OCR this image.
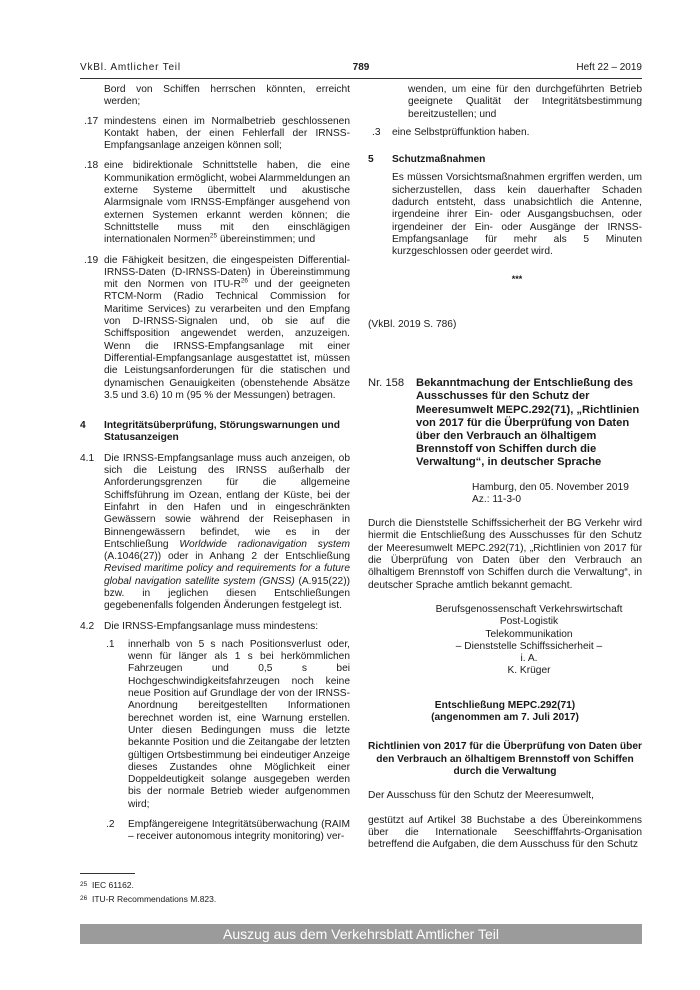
789
VkBl. Amtlicher Teil	Heft 22 – 2019

Bord von Schiffen herrschen könnten, erreicht werden;

.17 mindestens einen im Normalbetrieb geschlossenen Kontakt haben, der einen Fehlerfall der IRNSS-Empfangsanlage anzeigen können soll;
.18 eine bidirektionale Schnittstelle haben, die eine Kommunikation ermöglicht, wobei Alarmmeldungen an externe Systeme übermittelt und akustische Alarmsignale vom IRNSS-Empfänger ausgehend von externen Systemen erkannt werden können; die Schnittstelle muss mit den einschlägigen internationalen Normen$^{25}$ übereinstimmen; und
.19 die Fähigkeit besitzen, die eingespeisten Differential-IRNSS-Daten (D-IRNSS-Daten) in Übereinstimmung mit den Normen von ITU-$R^{26}$ und der geeigneten RTCM-Norm (Radio Technical Commission for Maritime Services) zu verarbeiten und den Empfang von D-IRNSS-Signalen und, ob sie auf die Schiffsposition angewendet werden, anzuzeigen. Wenn die IRNSS-Empfangsanlage mit einer Differential-Empfangsanlage ausgestattet ist, müssen die Leistungsanforderungen für die statischen und dynamischen Genauigkeiten (obenstehende Absätze 3.5 und 3.6) 10 m (95 % der Messungen) betragen.
4 Integritätsüberprüfung, Störungswarnungen und Statusanzeigen
4.1 Die IRNSS-Empfangsanlage muss auch anzeigen, ob sich die Leistung des IRNSS außerhalb der Anforderungsgrenzen für die allgemeine Schiffsführung im Ozean, entlang der Küste, bei der Einfahrt in den Hafen und in eingeschränkten Gewässern sowie während der Reisephasen in Binnengewässern befindet, wie es in der Entschließung Worldwide radionavigation system (A.1046(27)) oder in Anhang 2 der Entschließung Revised maritime policy and requirements for a future global navigation satellite system (GNSS) (A.915(22)) bzw. in jeglichen diesen Entschließungen gegebenenfalls folgenden Änderungen festgelegt ist.
4.2 Die IRNSS-Empfangsanlage muss mindestens:
.1 innerhalb von 5 s nach Positionsverlust oder, wenn für länger als 1 s bei herkömmlichen Fahrzeugen und 0,5 s bei Hochgeschwindigkeitsfahrzeugen noch keine neue Position auf Grundlage der von der IRNSS-Anordnung bereitgestellten Informationen berechnet worden ist, eine Warnung erstellen. Unter diesen Bedingungen muss die letzte bekannte Position und die Zeitangabe der letzten gültigen Ortsbestimmung bei eindeutiger Anzeige dieses Zustandes ohne Möglichkeit einer Doppeldeutigkeit solange ausgegeben werden bis der normale Betrieb wieder aufgenommen wird;
.2 Empfängereigene Integritätsüberwachung (RAIM – receiver autonomous integrity monitoring) ver-
25 IEC 61162.
26 ITU-R Recommendations M.823.

wenden, um eine für den durchgeführten Betrieb geeignete Qualität der Integritätsbestimmung bereitzustellen; und

.3 eine Selbstprüffunktion haben.
5 Schutzmaßnahmen

Es müssen Vorsichtsmaßnahmen ergriffen werden, um sicherzustellen, dass kein dauerhafter Schaden dadurch entsteht, dass unabsichtlich die Antenne, irgendeine ihrer Ein- oder Ausgangsbuchsen, oder irgendeiner der Ein- oder Ausgänge der IRNSS-Empfangsanlage für mehr als 5 Minuten kurzgeschlossen oder geerdet wird.

***

(VkBl. 2019 S. 786)

Nr. 158 Bekanntmachung der Entschließung des Ausschusses für den Schutz der Meeresumwelt MEPC.292(71), „Richtlinien von 2017 für die Überprüfung von Daten über den Verbrauch an ölhaltigem Brennstoff von Schiffen durch die Verwaltung“, in deutscher Sprache

Hamburg, den 05. November 2019

Az.: 11-3-0

Durch die Dienststelle Schiffssicherheit der BG Verkehr wird hiermit die Entschließung des Ausschusses für den Schutz der Meeresumwelt MEPC.292(71), „Richtlinien von 2017 für die Überprüfung von Daten über den Verbrauch an ölhaltigem Brennstoff von Schiffen durch die Verwaltung“, in deutscher Sprache amtlich bekannt gemacht.

Berufsgenossenschaft Verkehrswirtschaft
Post-Logistik
Telekommunikation
– Dienststelle Schiffssicherheit –
i. A.
K. Krüger
Entschließung MEPC.292(71)
(angenommen am 7. Juli 2017)

Richtlinien von 2017 für die Überprüfung von Daten über den Verbrauch an ölhaltigem Brennstoff von Schiffen durch die Verwaltung

Der Ausschuss für den Schutz der Meeresumwelt,

gestützt auf Artikel 38 Buchstabe a des Übereinkommens über die Internationale Seeschifffahrts-Organisation betreffend die Aufgaben, die dem Ausschuss für den Schutz

Auszug aus dem Verkehrsblatt Amtlicher Teil
